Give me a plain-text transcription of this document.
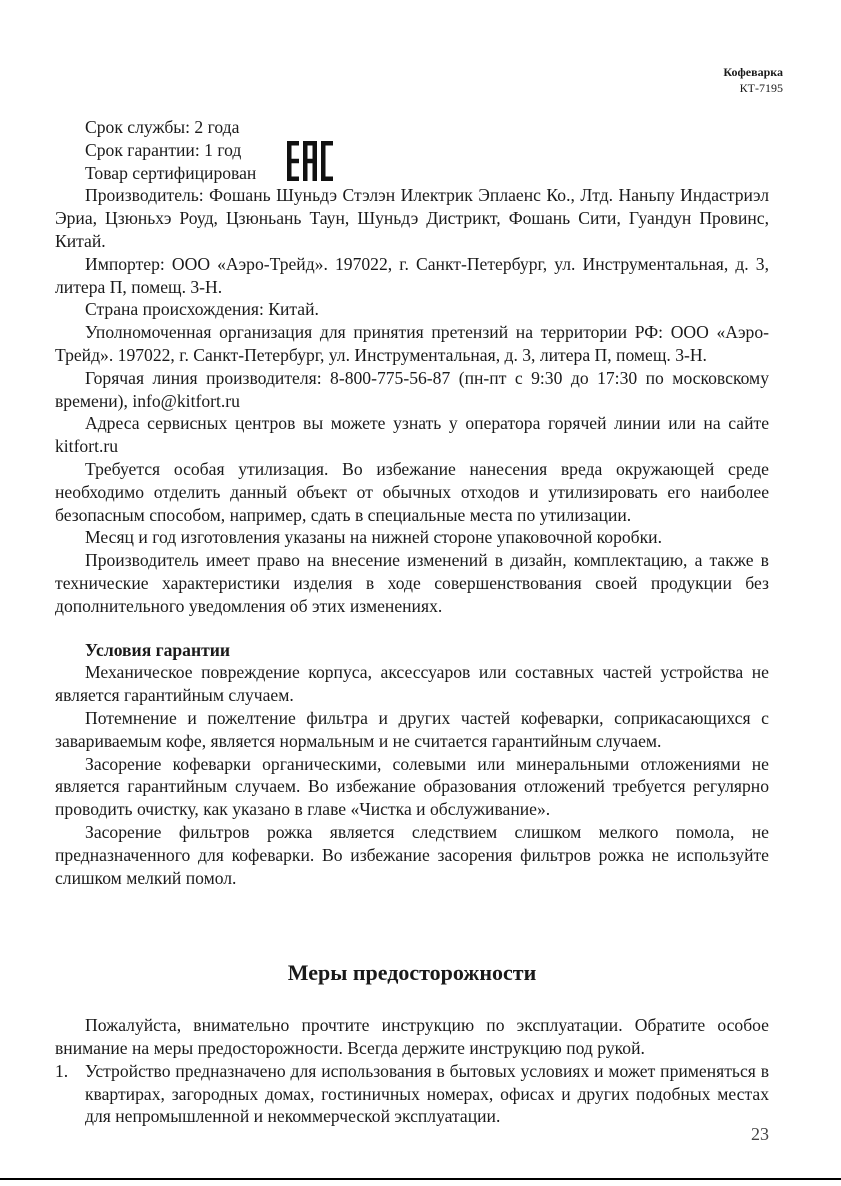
Кофеварка
КТ-7195

Срок службы: 2 года

Срок гарантии: 1 год

Товар сертифицирован

Производитель: Фошань Шуньдэ Стэлэн Илектрик Эплаенс Ко., Лтд. Наньпу Индастриэл Эриа, Цзюньхэ Роуд, Цзюньань Таун, Шуньдэ Дистрикт, Фошань Сити, Гуандун Провинс, Китай.

Импортер: ООО «Аэро-Трейд». 197022, г. Санкт-Петербург, ул. Инструментальная, д. 3, литера П, помещ. 3-Н.

Страна происхождения: Китай.

Уполномоченная организация для принятия претензий на территории РФ: ООО «Аэро-Трейд». 197022, г. Санкт-Петербург, ул. Инструментальная, д. 3, литера П, помещ. 3-Н.

Горячая линия производителя: 8-800-775-56-87 (пн-пт с 9:30 до 17:30 по московскому времени), info@kitfort.ru

Адреса сервисных центров вы можете узнать у оператора горячей линии или на сайте kitfort.ru

Требуется особая утилизация. Во избежание нанесения вреда окружающей среде необходимо отделить данный объект от обычных отходов и утилизировать его наиболее безопасным способом, например, сдать в специальные места по утилизации.

Месяц и год изготовления указаны на нижней стороне упаковочной коробки.

Производитель имеет право на внесение изменений в дизайн, комплектацию, а также в технические характеристики изделия в ходе совершенствования своей продукции без дополнительного уведомления об этих изменениях.

Условия гарантии

Механическое повреждение корпуса, аксессуаров или составных частей устройства не является гарантийным случаем.

Потемнение и пожелтение фильтра и других частей кофеварки, соприкасающихся с завариваемым кофе, является нормальным и не считается гарантийным случаем.

Засорение кофеварки органическими, солевыми или минеральными отложениями не является гарантийным случаем. Во избежание образования отложений требуется регулярно проводить очистку, как указано в главе «Чистка и обслуживание».

Засорение фильтров рожка является следствием слишком мелкого помола, не предназначенного для кофеварки. Во избежание засорения фильтров рожка не используйте слишком мелкий помол.

Меры предосторожности

Пожалуйста, внимательно прочтите инструкцию по эксплуатации. Обратите особое внимание на меры предосторожности. Всегда держите инструкцию под рукой.

1. Устройство предназначено для использования в бытовых условиях и может применяться в квартирах, загородных домах, гостиничных номерах, офисах и других подобных местах для непромышленной и некоммерческой эксплуатации.
23
